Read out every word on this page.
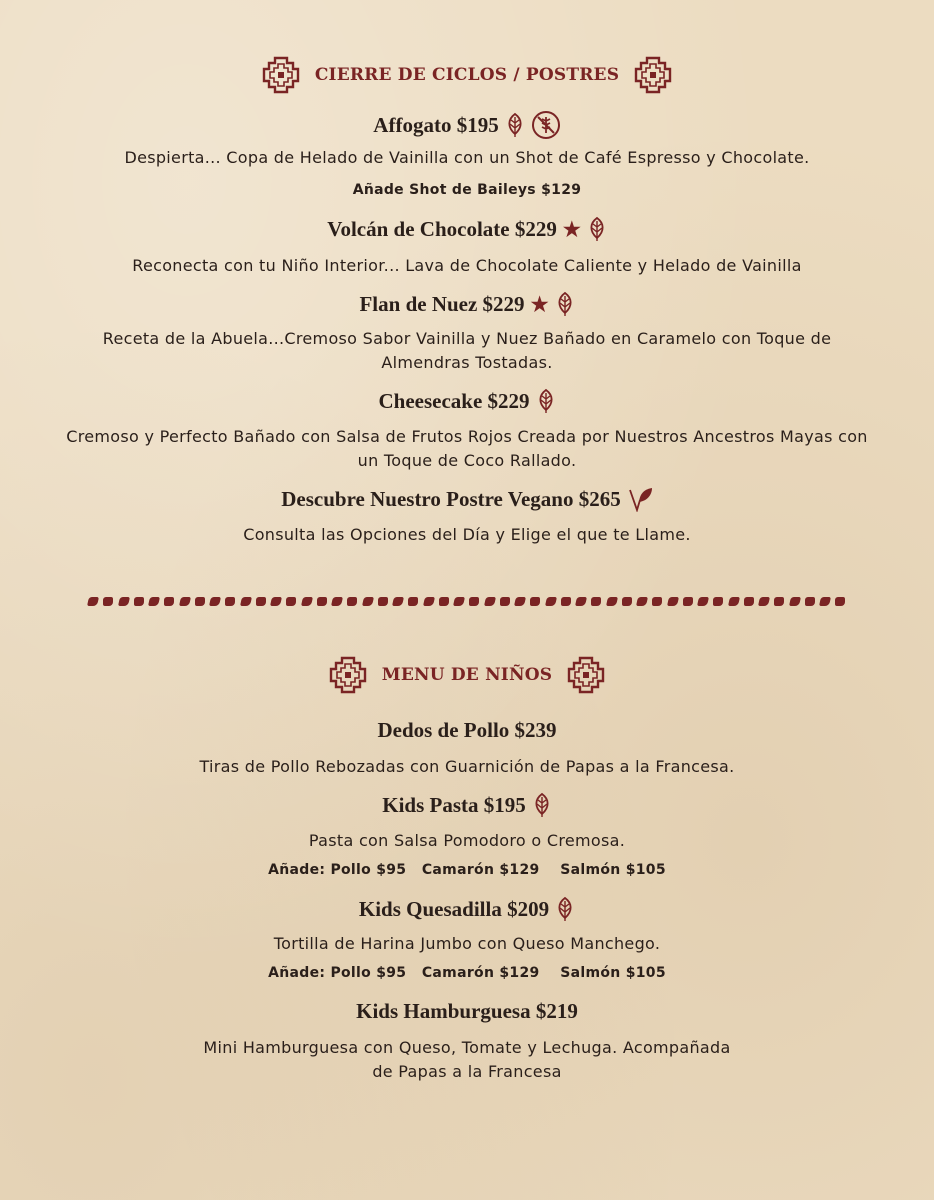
CIERRE DE CICLOS / POSTRES
Affogato $195
Despierta... Copa de Helado de Vainilla con un Shot de Café Espresso y Chocolate.
Añade Shot de Baileys $129
Volcán de Chocolate $229 ★
Reconecta con tu Niño Interior... Lava de Chocolate Caliente y Helado de Vainilla
Flan de Nuez $229 ★
Receta de la Abuela...Cremoso Sabor Vainilla y Nuez Bañado en Caramelo con Toque de Almendras Tostadas.
Cheesecake $229
Cremoso y Perfecto Bañado con Salsa de Frutos Rojos Creada por Nuestros Ancestros Mayas con un Toque de Coco Rallado.
Descubre Nuestro Postre Vegano $265
Consulta las Opciones del Día y Elige el que te Llame.
MENU DE NIÑOS
Dedos de Pollo $239
Tiras de Pollo Rebozadas con Guarnición de Papas a la Francesa.
Kids Pasta $195
Pasta con Salsa Pomodoro o Cremosa.
Añade: Pollo $95   Camarón $129    Salmón $105
Kids Quesadilla $209
Tortilla de Harina Jumbo con Queso Manchego.
Añade: Pollo $95   Camarón $129    Salmón $105
Kids Hamburguesa $219
Mini Hamburguesa con Queso, Tomate y Lechuga. Acompañada de Papas a la Francesa
